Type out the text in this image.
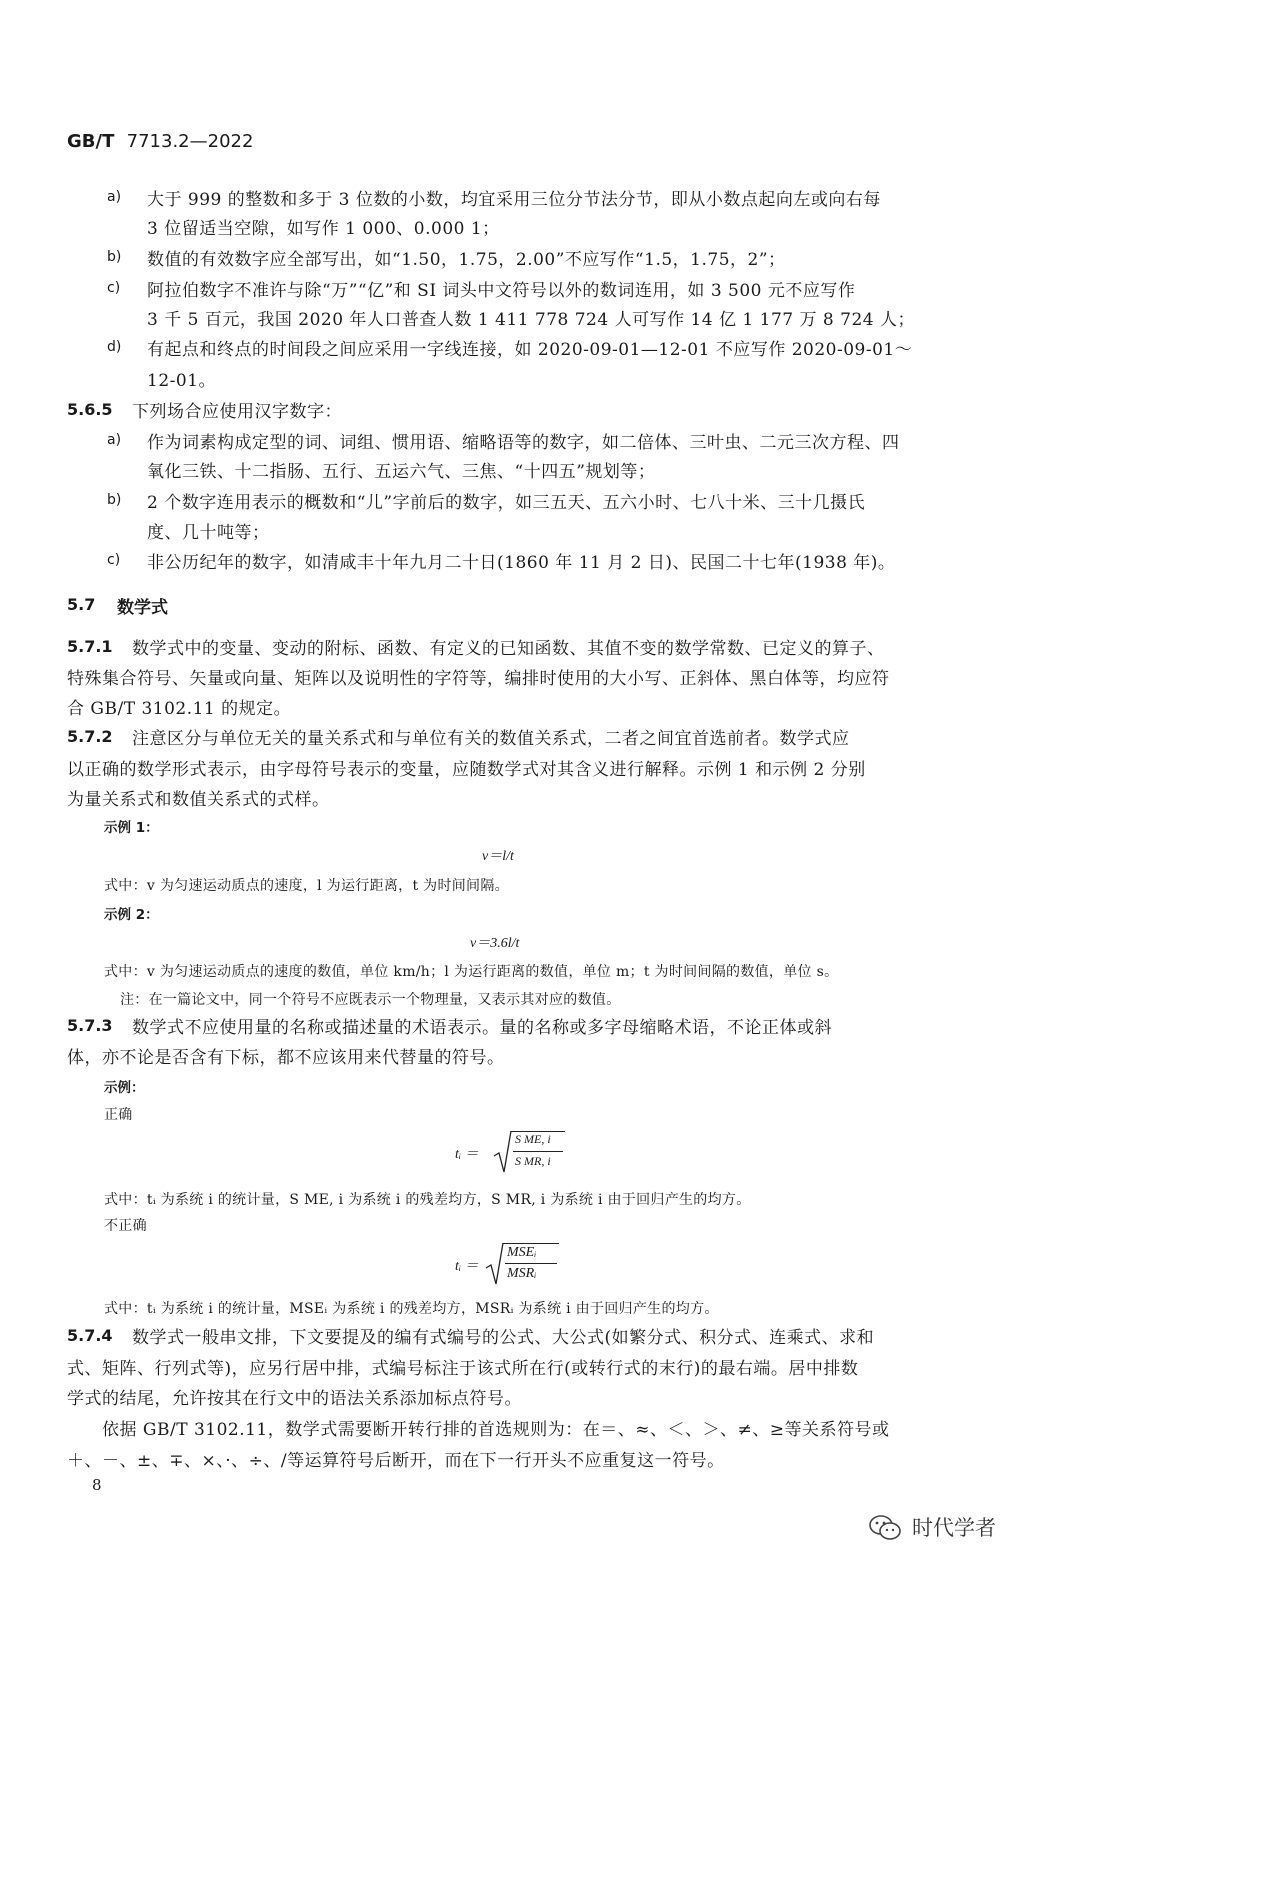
GB/T 7713.2—2022
a) 大于 999 的整数和多于 3 位数的小数，均宜采用三位分节法分节，即从小数点起向左或向右每
3 位留适当空隙，如写作 1 000、0.000 1；
b) 数值的有效数字应全部写出，如“1.50，1.75，2.00”不应写作“1.5，1.75，2”；
c) 阿拉伯数字不准许与除“万”“亿”和 SI 词头中文符号以外的数词连用，如 3 500 元不应写作
3 千 5 百元，我国 2020 年人口普查人数 1 411 778 724 人可写作 14 亿 1 177 万 8 724 人；
d) 有起点和终点的时间段之间应采用一字线连接，如 2020-09-01—12-01 不应写作 2020-09-01～
12-01。
5.6.5 下列场合应使用汉字数字：
a) 作为词素构成定型的词、词组、惯用语、缩略语等的数字，如二倍体、三叶虫、二元三次方程、四
氧化三铁、十二指肠、五行、五运六气、三焦、“十四五”规划等；
b) 2 个数字连用表示的概数和“儿”字前后的数字，如三五天、五六小时、七八十米、三十几摄氏
度、几十吨等；
c) 非公历纪年的数字，如清咸丰十年九月二十日(1860 年 11 月 2 日)、民国二十七年(1938 年)。
5.7 数学式
5.7.1 数学式中的变量、变动的附标、函数、有定义的已知函数、其值不变的数学常数、已定义的算子、
特殊集合符号、矢量或向量、矩阵以及说明性的字符等，编排时使用的大小写、正斜体、黑白体等，均应符
合 GB/T 3102.11 的规定。
5.7.2 注意区分与单位无关的量关系式和与单位有关的数值关系式，二者之间宜首选前者。数学式应
以正确的数学形式表示，由字母符号表示的变量，应随数学式对其含义进行解释。示例 1 和示例 2 分别
为量关系式和数值关系式的式样。
示例 1：
v＝l/t
式中：v 为匀速运动质点的速度，l 为运行距离，t 为时间间隔。
示例 2：
v＝3.6l/t
式中：v 为匀速运动质点的速度的数值，单位 km/h；l 为运行距离的数值，单位 m；t 为时间间隔的数值，单位 s。
注：在一篇论文中，同一个符号不应既表示一个物理量，又表示其对应的数值。
5.7.3 数学式不应使用量的名称或描述量的术语表示。量的名称或多字母缩略术语，不论正体或斜
体，亦不论是否含有下标，都不应该用来代替量的符号。
示例：
正确
tᵢ ＝
S ME, i
S MR, i
式中：tᵢ 为系统 i 的统计量，S ME, i 为系统 i 的残差均方，S MR, i 为系统 i 由于回归产生的均方。
不正确
tᵢ ＝
MSEᵢ
MSRᵢ
式中：tᵢ 为系统 i 的统计量，MSEᵢ 为系统 i 的残差均方，MSRᵢ 为系统 i 由于回归产生的均方。
5.7.4 数学式一般串文排，下文要提及的编有式编号的公式、大公式(如繁分式、积分式、连乘式、求和
式、矩阵、行列式等)，应另行居中排，式编号标注于该式所在行(或转行式的末行)的最右端。居中排数
学式的结尾，允许按其在行文中的语法关系添加标点符号。
依据 GB/T 3102.11，数学式需要断开转行排的首选规则为：在＝、≈、＜、＞、≠、≥等关系符号或
＋、－、±、∓、×、·、÷、/等运算符号后断开，而在下一行开头不应重复这一符号。
8
时代学者
